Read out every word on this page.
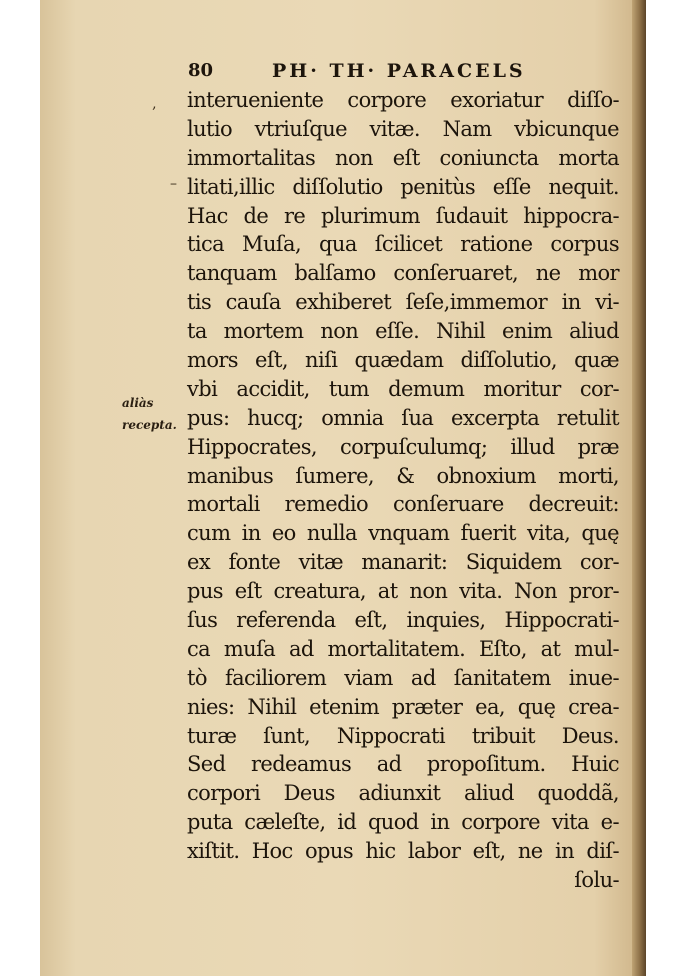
80	PH· TH· PARACELS
aliàs
recepta.
‚
–
interueniente corpore exoriatur diſſo-
lutio vtriuſque vitæ. Nam vbicunque
immortalitas non eſt coniuncta morta
litati,illic diſſolutio penitùs eſſe nequit.
Hac de re plurimum ſudauit hippocra-
tica Muſa, qua ſcilicet ratione corpus
tanquam balſamo conſeruaret, ne mor
tis cauſa exhiberet ſeſe,immemor in vi-
ta mortem non eſſe. Nihil enim aliud
mors eſt, niſi quædam diſſolutio, quæ
vbi accidit, tum demum moritur cor-
pus: hucq; omnia ſua excerpta retulit
Hippocrates, corpuſculumq; illud præ
manibus ſumere, & obnoxium morti,
mortali remedio conſeruare decreuit:
cum in eo nulla vnquam fuerit vita, quę
ex fonte vitæ manarit: Siquidem cor-
pus eſt creatura, at non vita. Non pror-
ſus referenda eſt, inquies, Hippocrati-
ca muſa ad mortalitatem. Eſto, at mul-
tò faciliorem viam ad ſanitatem inue-
nies: Nihil etenim præter ea, quę crea-
turæ ſunt, Nippocrati tribuit Deus.
Sed redeamus ad propoſitum. Huic
corpori Deus adiunxit aliud quoddã,
puta cæleſte, id quod in corpore vita e-
xiſtit. Hoc opus hic labor eſt, ne in diſ-
ſolu-
